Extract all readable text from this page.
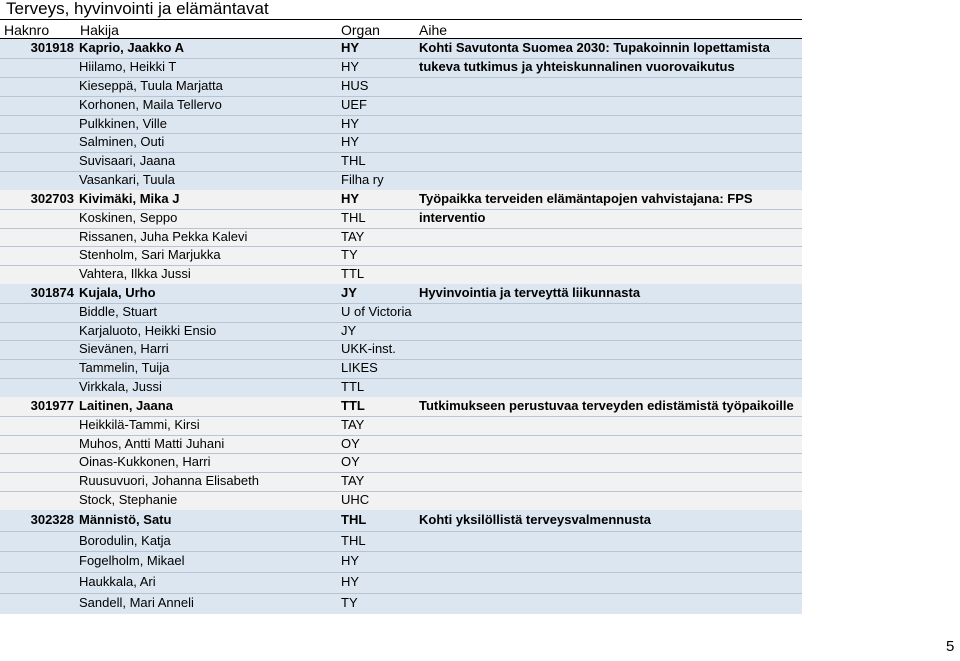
Terveys, hyvinvointi ja elämäntavat
Haknro Hakija	Organ	Aihe
301918 Kaprio, Jaakko A	HY	Kohti Savutonta Suomea 2030: Tupakoinnin lopettamista
Hiilamo, Heikki T	HY	tukeva tutkimus ja yhteiskunnalinen vuorovaikutus
Kieseppä, Tuula Marjatta	HUS
Korhonen, Maila Tellervo	UEF
Pulkkinen, Ville	HY
Salminen, Outi	HY
Suvisaari, Jaana	THL
Vasankari, Tuula	Filha ry
302703 Kivimäki, Mika J	HY	Työpaikka terveiden elämäntapojen vahvistajana: FPS
Koskinen, Seppo	THL	interventio
Rissanen, Juha Pekka Kalevi	TAY
Stenholm, Sari Marjukka	TY
Vahtera, Ilkka Jussi	TTL
301874 Kujala, Urho	JY	Hyvinvointia ja terveyttä liikunnasta
Biddle, Stuart	U of Victoria
Karjaluoto, Heikki Ensio	JY
Sievänen, Harri	UKK-inst.
Tammelin, Tuija	LIKES
Virkkala, Jussi	TTL
301977 Laitinen, Jaana	TTL	Tutkimukseen perustuvaa terveyden edistämistä työpaikoille
Heikkilä-Tammi, Kirsi	TAY
Muhos, Antti Matti Juhani	OY
Oinas-Kukkonen, Harri	OY
Ruusuvuori, Johanna Elisabeth	TAY
Stock, Stephanie	UHC
302328 Männistö, Satu	THL	Kohti yksilöllistä terveysvalmennusta
Borodulin, Katja	THL
Fogelholm, Mikael	HY
Haukkala, Ari	HY
Sandell, Mari Anneli	TY
5
